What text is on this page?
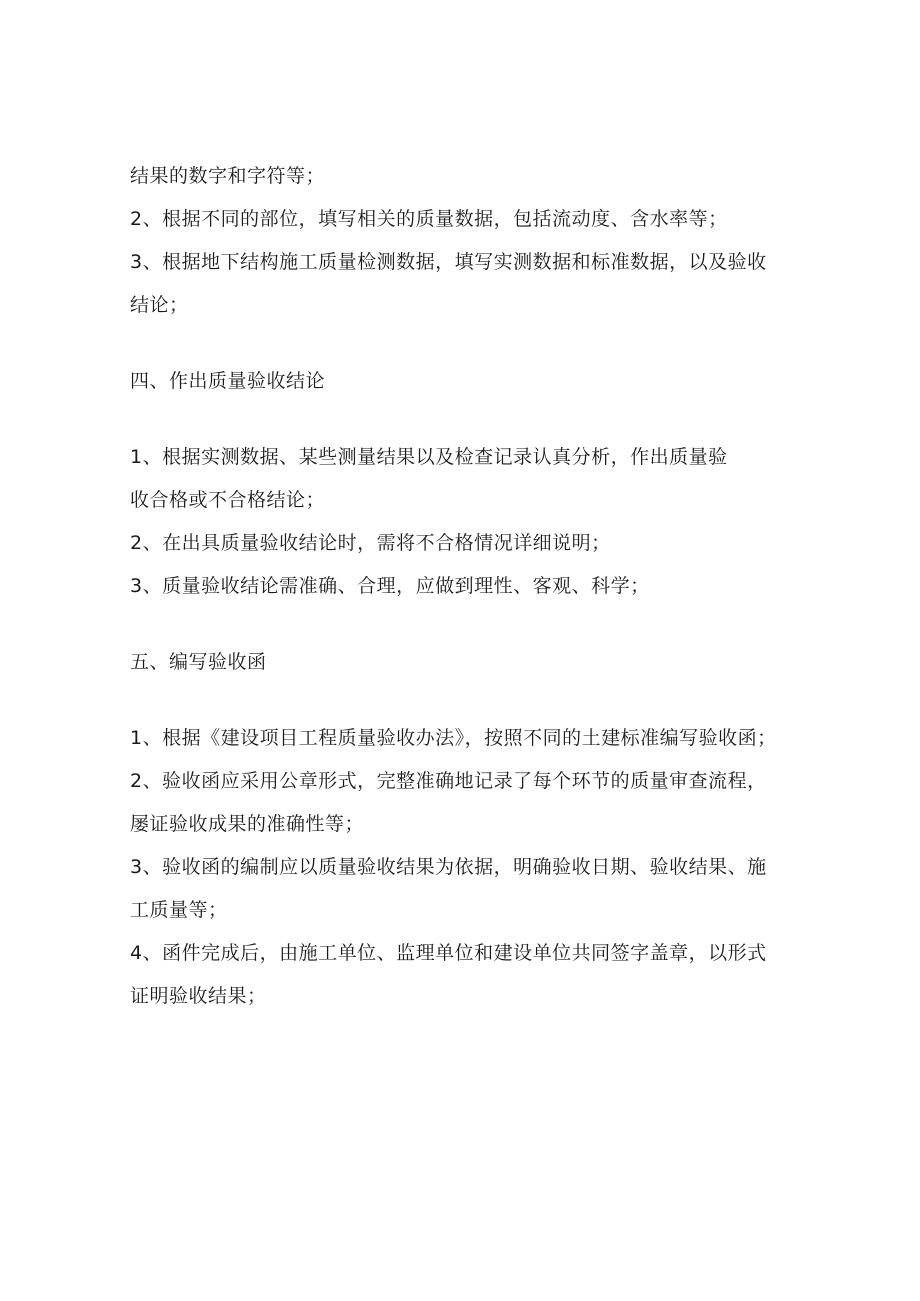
结果的数字和字符等；
2、根据不同的部位，填写相关的质量数据，包括流动度、含水率等；
3、根据地下结构施工质量检测数据，填写实测数据和标准数据，以及验收
结论；
四、作出质量验收结论
1、根据实测数据、某些测量结果以及检查记录认真分析，作出质量验
收合格或不合格结论；
2、在出具质量验收结论时，需将不合格情况详细说明；
3、质量验收结论需准确、合理，应做到理性、客观、科学；
五、编写验收函
1、根据《建设项目工程质量验收办法》，按照不同的土建标准编写验收函；
2、验收函应采用公章形式，完整准确地记录了每个环节的质量审查流程，
屡证验收成果的准确性等；
3、验收函的编制应以质量验收结果为依据，明确验收日期、验收结果、施
工质量等；
4、函件完成后，由施工单位、监理单位和建设单位共同签字盖章，以形式
证明验收结果；
